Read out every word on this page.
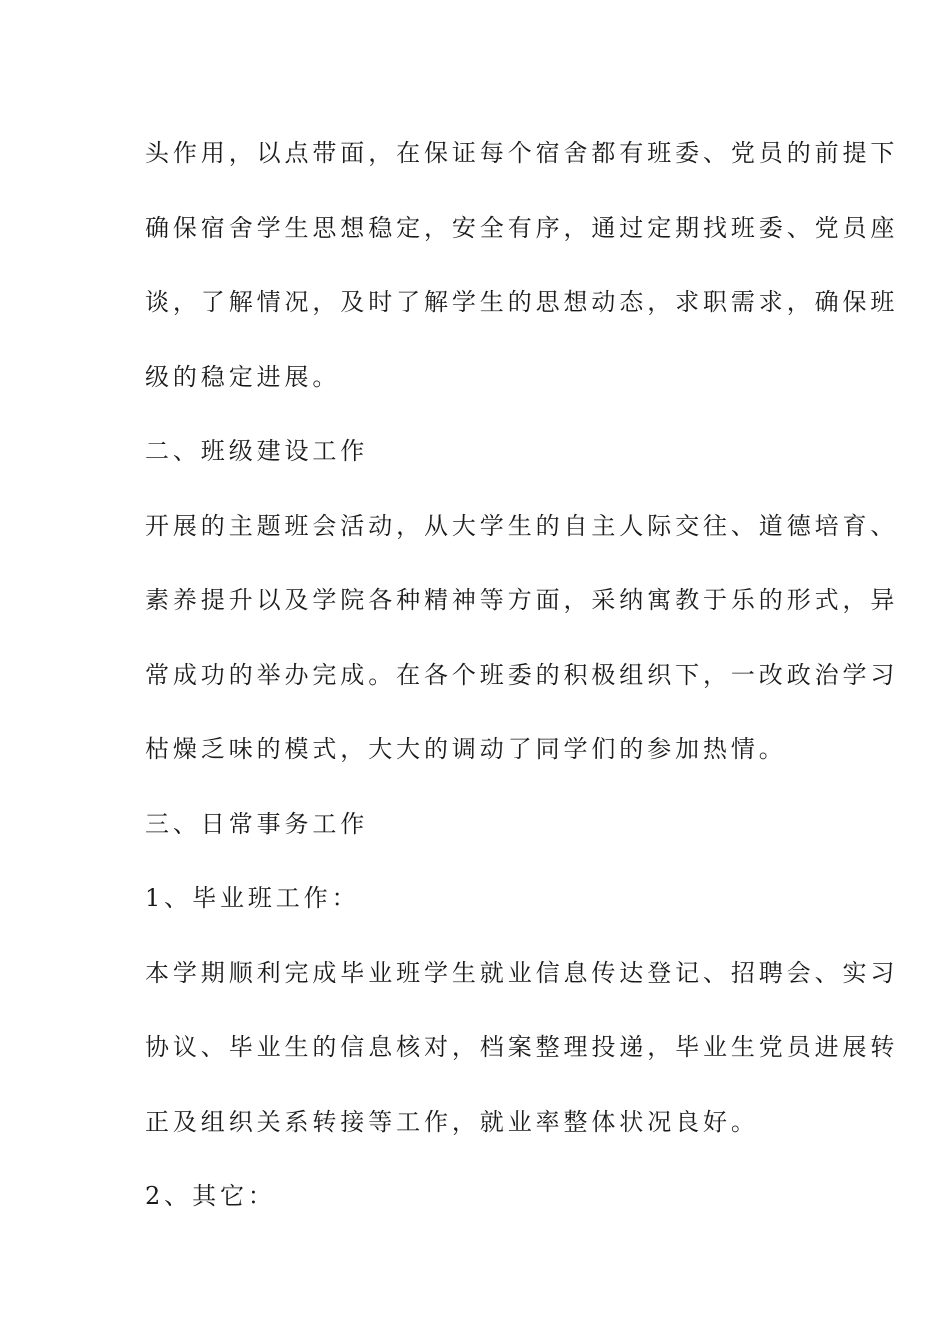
头作用，以点带面，在保证每个宿舍都有班委、党员的前提下
确保宿舍学生思想稳定，安全有序，通过定期找班委、党员座
谈，了解情况，及时了解学生的思想动态，求职需求，确保班
级的稳定进展。
二、班级建设工作
开展的主题班会活动，从大学生的自主人际交往、道德培育、
素养提升以及学院各种精神等方面，采纳寓教于乐的形式，异
常成功的举办完成。在各个班委的积极组织下，一改政治学习
枯燥乏味的模式，大大的调动了同学们的参加热情。
三、日常事务工作
1、毕业班工作：
本学期顺利完成毕业班学生就业信息传达登记、招聘会、实习
协议、毕业生的信息核对，档案整理投递，毕业生党员进展转
正及组织关系转接等工作，就业率整体状况良好。
2、其它：
